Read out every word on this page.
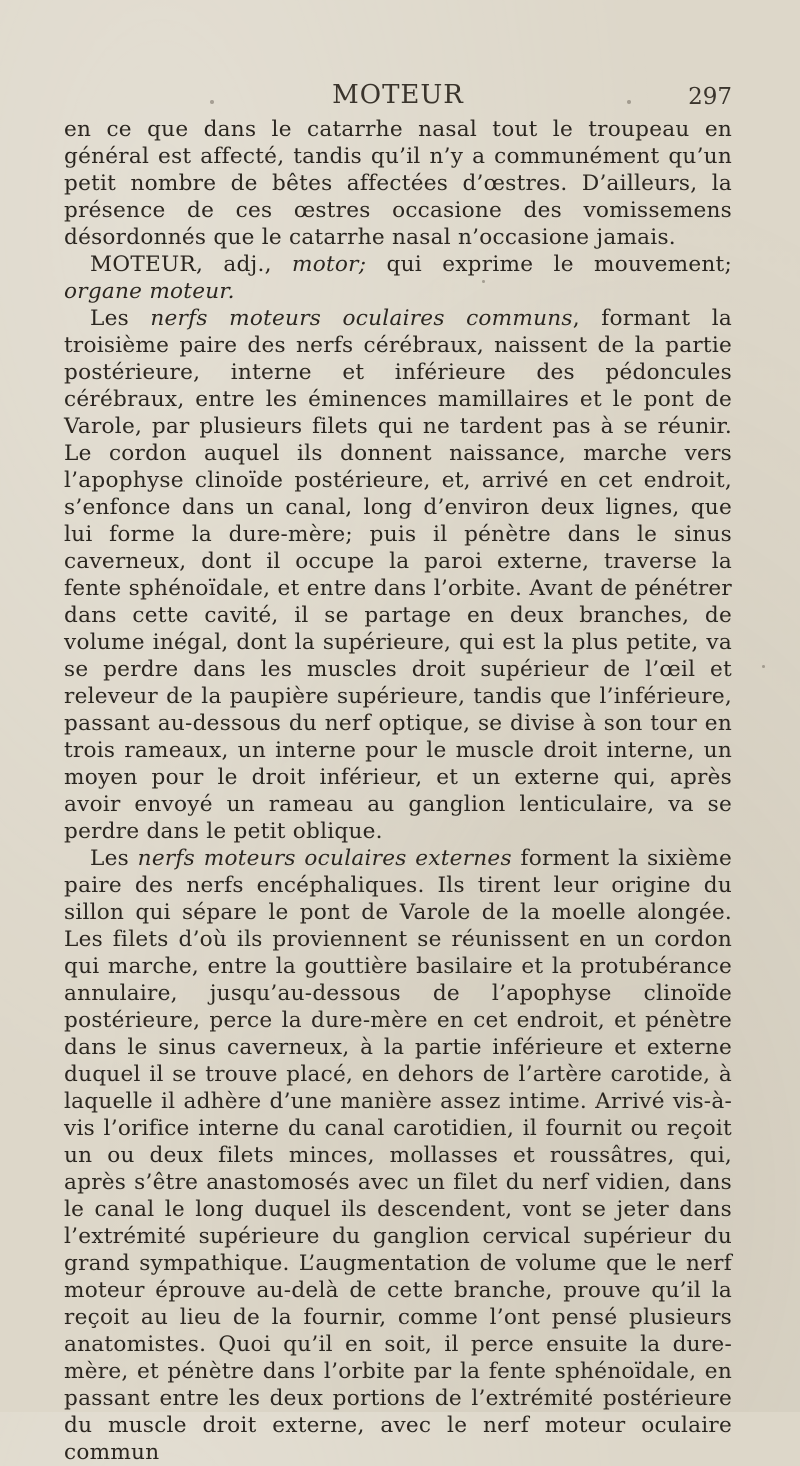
MOTEUR	297

en ce que dans le catarrhe nasal tout le troupeau en général est affecté, tandis qu’il n’y a communément qu’un petit nombre de bêtes affectées d’œstres. D’ailleurs, la présence de ces œstres occasione des vomissemens désordonnés que le catarrhe nasal n’occasione jamais.

MOTEUR, adj., motor; qui exprime le mouvement; organe moteur.

Les nerfs moteurs oculaires communs, formant la troisième paire des nerfs cérébraux, naissent de la partie postérieure, interne et inférieure des pédoncules cérébraux, entre les éminences mamillaires et le pont de Varole, par plusieurs filets qui ne tardent pas à se réunir. Le cordon auquel ils donnent naissance, marche vers l’apophyse clinoïde postérieure, et, arrivé en cet endroit, s’enfonce dans un canal, long d’environ deux lignes, que lui forme la dure-mère; puis il pénètre dans le sinus caverneux, dont il occupe la paroi externe, traverse la fente sphénoïdale, et entre dans l’orbite. Avant de pénétrer dans cette cavité, il se partage en deux branches, de volume inégal, dont la supérieure, qui est la plus petite, va se perdre dans les muscles droit supérieur de l’œil et releveur de la paupière supérieure, tandis que l’inférieure, passant au-dessous du nerf optique, se divise à son tour en trois rameaux, un interne pour le muscle droit interne, un moyen pour le droit inférieur, et un externe qui, après avoir envoyé un rameau au ganglion lenticulaire, va se perdre dans le petit oblique.

Les nerfs moteurs oculaires externes forment la sixième paire des nerfs encéphaliques. Ils tirent leur origine du sillon qui sépare le pont de Varole de la moelle alongée. Les filets d’où ils proviennent se réunissent en un cordon qui marche, entre la gouttière basilaire et la protubérance annulaire, jusqu’au-dessous de l’apophyse clinoïde postérieure, perce la dure-mère en cet endroit, et pénètre dans le sinus caverneux, à la partie inférieure et externe duquel il se trouve placé, en dehors de l’artère carotide, à laquelle il adhère d’une manière assez intime. Arrivé vis-à-vis l’orifice interne du canal carotidien, il fournit ou reçoit un ou deux filets minces, mollasses et roussâtres, qui, après s’être anastomosés avec un filet du nerf vidien, dans le canal le long duquel ils descendent, vont se jeter dans l’extrémité supérieure du ganglion cervical supérieur du grand sympathique. L’augmentation de volume que le nerf moteur éprouve au-delà de cette branche, prouve qu’il la reçoit au lieu de la fournir, comme l’ont pensé plusieurs anatomistes. Quoi qu’il en soit, il perce ensuite la dure-mère, et pénètre dans l’orbite par la fente sphénoïdale, en passant entre les deux portions de l’extrémité postérieure du muscle droit externe, avec le nerf moteur oculaire commun
